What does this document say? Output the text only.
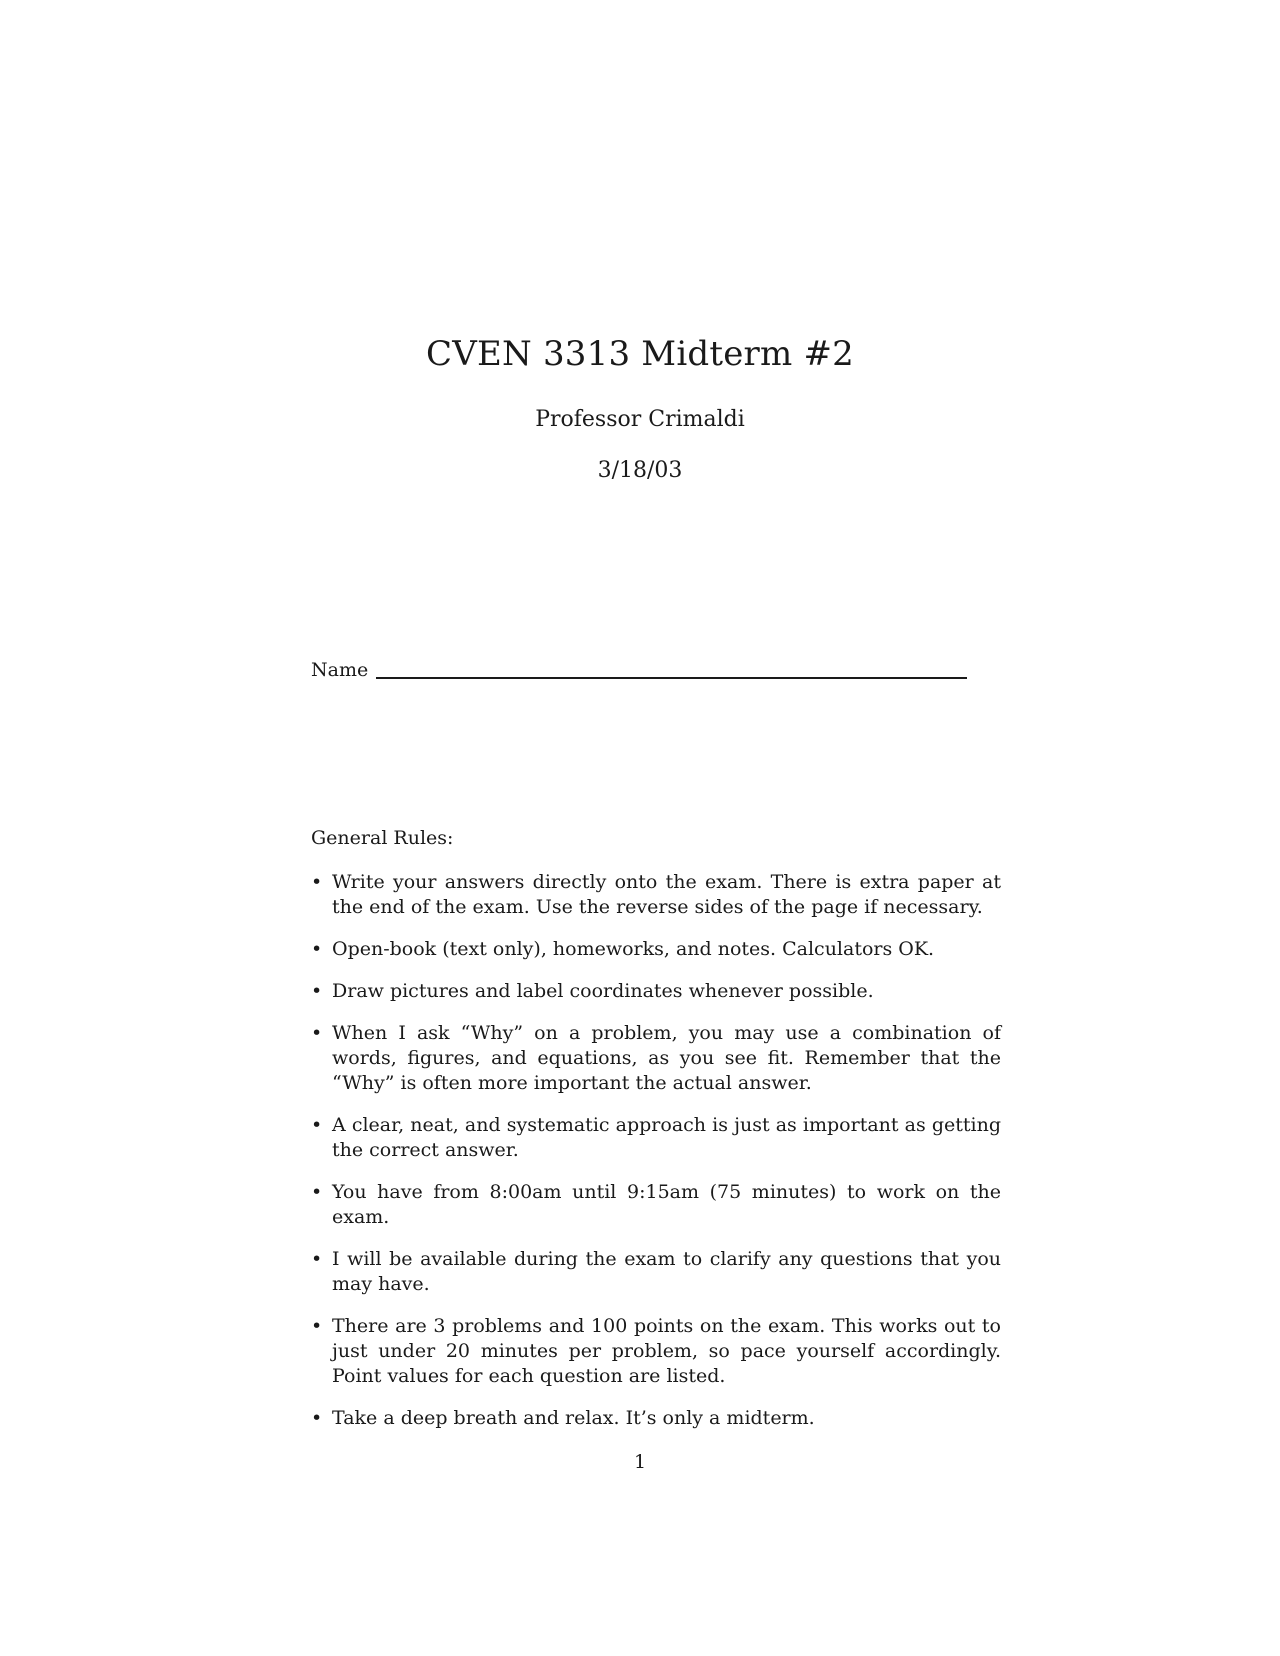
CVEN 3313 Midterm #2
Professor Crimaldi
3/18/03
Name
General Rules:
• Write your answers directly onto the exam. There is extra paper at the end of the exam. Use the reverse sides of the page if necessary.
• Open-book (text only), homeworks, and notes. Calculators OK.
• Draw pictures and label coordinates whenever possible.
• When I ask “Why” on a problem, you may use a combination of words, figures, and equations, as you see fit. Remember that the “Why” is often more important the actual answer.
• A clear, neat, and systematic approach is just as important as getting the correct answer.
• You have from 8:00am until 9:15am (75 minutes) to work on the exam.
• I will be available during the exam to clarify any questions that you may have.
• There are 3 problems and 100 points on the exam. This works out to just under 20 minutes per problem, so pace yourself accordingly. Point values for each question are listed.
• Take a deep breath and relax. It’s only a midterm.
1
